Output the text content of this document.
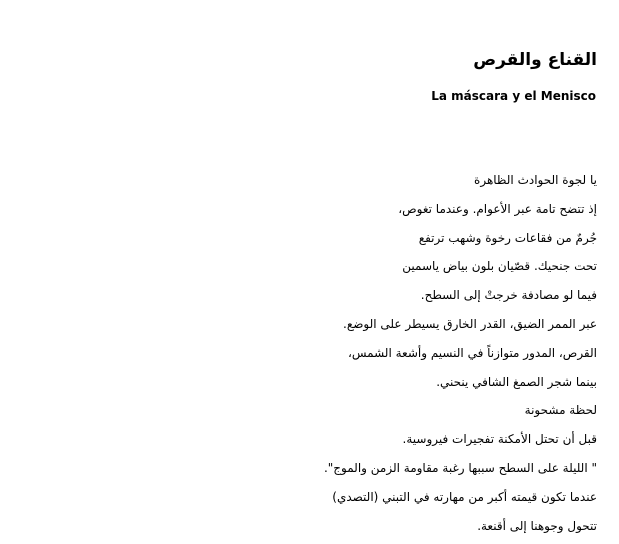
القناع والقرص
La máscara y el Menisco
يا لجوة الحوادث الظاهرة
إذ تتضح تامة عبر الأعوام. وعندما تغوص،
جُرمٌ من فقاعات رخوة وشهب ترتفع
تحت جنحيك. قصّيان بلون بياض ياسمين
فيما لو مصادفة خرجتْ إلى السطح.
عبر الممر الضيق، القدر الخارق يسيطر على الوضع.
القرص، المدور متوازناً في النسيم وأشعة الشمس،
بينما شجر الصمغ الشافي ينحني.
لحظة مشحونة
قبل أن تحتل الأمكنة تفجيرات فيروسية.
" الليلة على السطح سببها رغبة مقاومة الزمن والموج".
عندما تكون قيمته أكبر من مهارته في التبني (التصدي)
تتحول وجوهنا إلى أقنعة.
